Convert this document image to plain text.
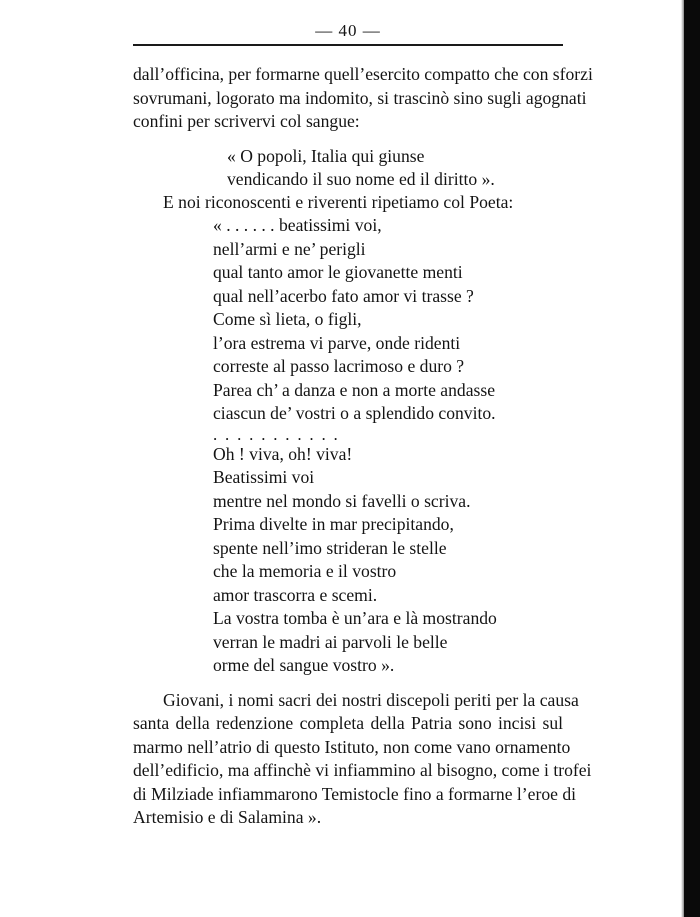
— 40 —
dall’officina, per formarne quell’esercito compatto che con sforzi
sovrumani, logorato ma indomito, si trascinò sino sugli agognati
confini per scrivervi col sangue:
« O popoli, Italia qui giunse
vendicando il suo nome ed il diritto ».
E noi riconoscenti e riverenti ripetiamo col Poeta:
« . . . . . . beatissimi voi,
nell’armi e ne’ perigli
qual tanto amor le giovanette menti
qual nell’acerbo fato amor vi trasse ?
Come sì lieta, o figli,
l’ora estrema vi parve, onde ridenti
correste al passo lacrimoso e duro ?
Parea ch’ a danza e non a morte andasse
ciascun de’ vostri o a splendido convito.
...........
Oh ! viva, oh! viva!
Beatissimi voi
mentre nel mondo si favelli o scriva.
Prima divelte in mar precipitando,
spente nell’imo strideran le stelle
che la memoria e il vostro
amor trascorra e scemi.
La vostra tomba è un’ara e là mostrando
verran le madri ai parvoli le belle
orme del sangue vostro ».
Giovani, i nomi sacri dei nostri discepoli periti per la causa
santa della redenzione completa della Patria sono incisi sul
marmo nell’atrio di questo Istituto, non come vano ornamento
dell’edificio, ma affinchè vi infiammino al bisogno, come i trofei
di Milziade infiammarono Temistocle fino a formarne l’eroe di
Artemisio e di Salamina ».
